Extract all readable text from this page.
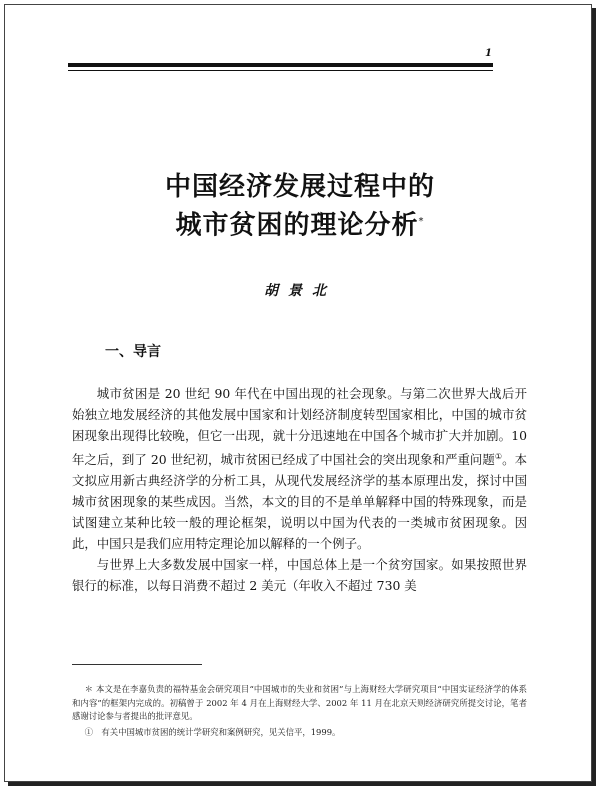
1
中国经济发展过程中的
城市贫困的理论分析*
胡景北
一、导言

城市贫困是 20 世纪 90 年代在中国出现的社会现象。与第二次世界大战后开始独立地发展经济的其他发展中国家和计划经济制度转型国家相比，中国的城市贫困现象出现得比较晚，但它一出现，就十分迅速地在中国各个城市扩大并加剧。10 年之后，到了 20 世纪初，城市贫困已经成了中国社会的突出现象和严重问题①。本文拟应用新古典经济学的分析工具，从现代发展经济学的基本原理出发，探讨中国城市贫困现象的某些成因。当然，本文的目的不是单单解释中国的特殊现象，而是试图建立某种比较一般的理论框架，说明以中国为代表的一类城市贫困现象。因此，中国只是我们应用特定理论加以解释的一个例子。

与世界上大多数发展中国家一样，中国总体上是一个贫穷国家。如果按照世界银行的标准，以每日消费不超过 2 美元（年收入不超过 730 美

＊ 本文是在李嘉负责的福特基金会研究项目“中国城市的失业和贫困”与上海财经大学研究项目“中国实证经济学的体系和内容”的框架内完成的。初稿曾于 2002 年 4 月在上海财经大学、2002 年 11 月在北京天则经济研究所提交讨论，笔者感谢讨论参与者提出的批评意见。
①　有关中国城市贫困的统计学研究和案例研究，见关信平，1999。
